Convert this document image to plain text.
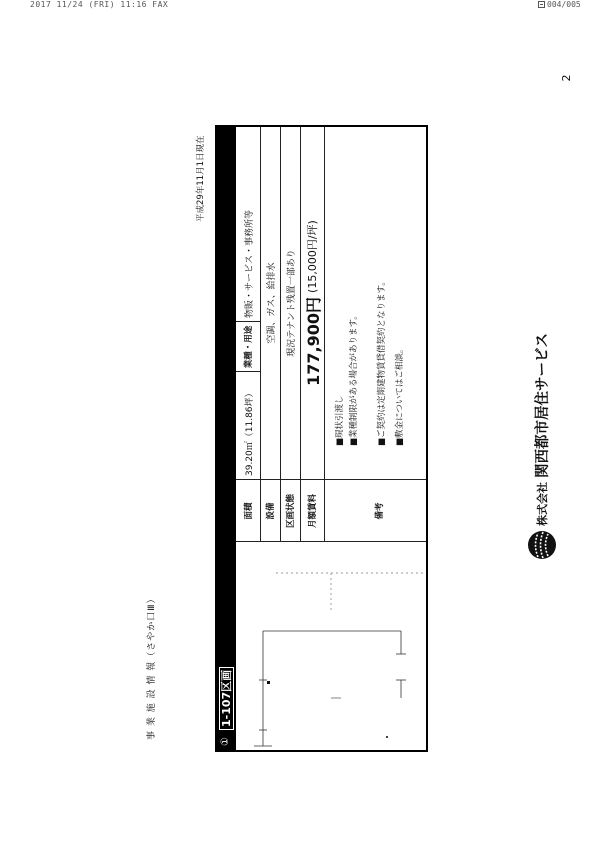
2017 11/24 (FRI) 11:16 FAX	004/005
2
事 業 施 設 情 報（さやか口Ⅲ）
平成29年11月1日現在
①
1-107区画
面積
39.20㎡（11.86坪）
業種・用途
物販・サービス・事務所等
設備
空調、ガス、給排水
区画状態
現況テナント残置一部あり
月額賃料
177,900円
(15,000円/坪)
備考
■現状引渡し ■業種制限がある場合があります。 ■ご契約は定期建物賃貸借契約となります。 ■敷金についてはご相談。
株式会社
関西都市居住サービス
